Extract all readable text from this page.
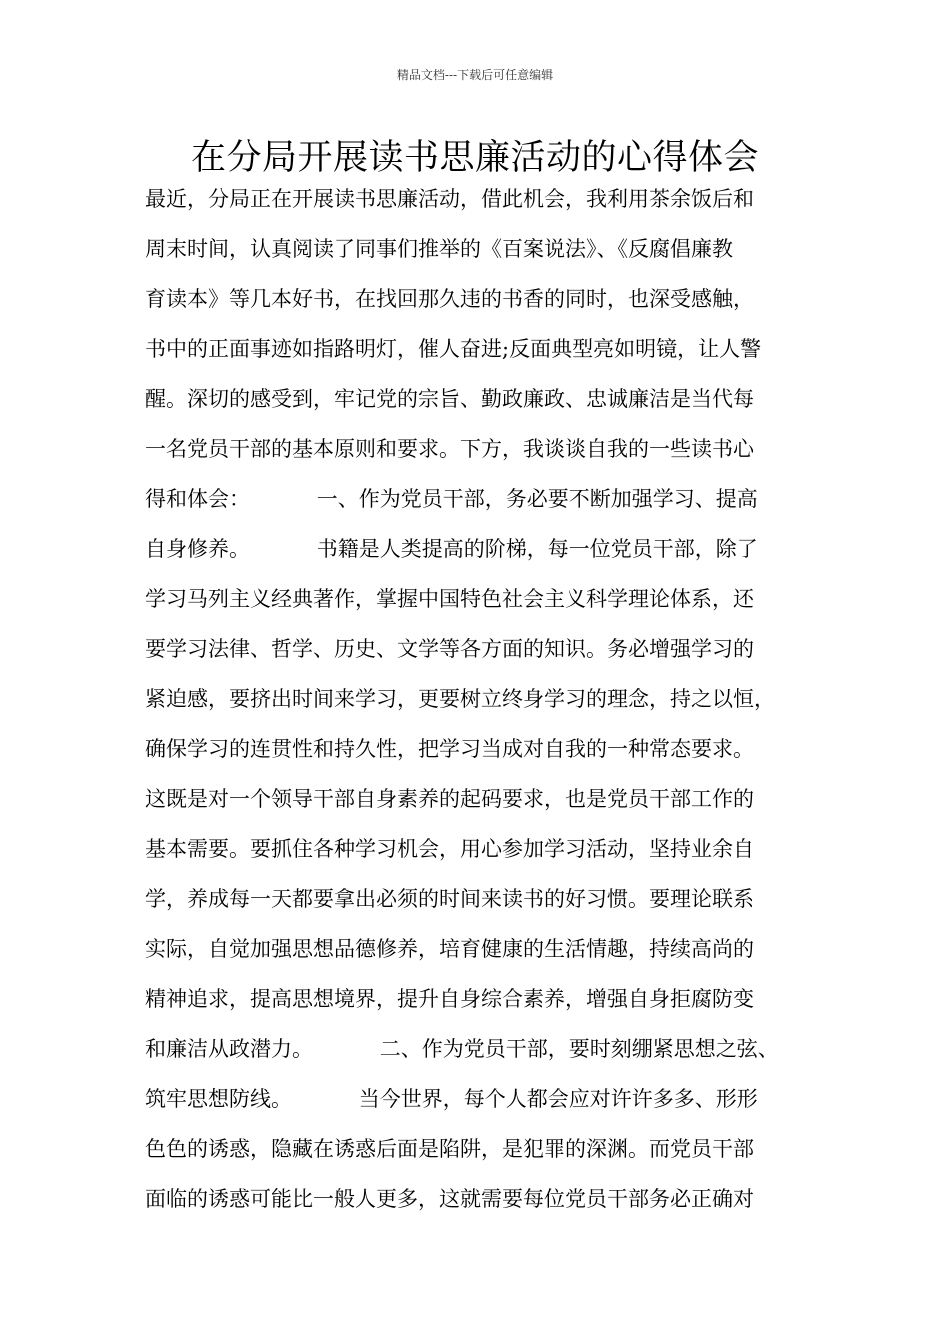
精品文档---下载后可任意编辑
在分局开展读书思廉活动的心得体会
最近，分局正在开展读书思廉活动，借此机会，我利用茶余饭后和
周末时间，认真阅读了同事们推举的《百案说法》、《反腐倡廉教
育读本》等几本好书，在找回那久违的书香的同时，也深受感触，
书中的正面事迹如指路明灯，催人奋进;反面典型亮如明镜，让人警
醒。深切的感受到，牢记党的宗旨、勤政廉政、忠诚廉洁是当代每
一名党员干部的基本原则和要求。下方，我谈谈自我的一些读书心
得和体会：          一、作为党员干部，务必要不断加强学习、提高
自身修养。          书籍是人类提高的阶梯，每一位党员干部，除了
学习马列主义经典著作，掌握中国特色社会主义科学理论体系，还
要学习法律、哲学、历史、文学等各方面的知识。务必增强学习的
紧迫感，要挤出时间来学习，更要树立终身学习的理念，持之以恒，
确保学习的连贯性和持久性，把学习当成对自我的一种常态要求。
这既是对一个领导干部自身素养的起码要求，也是党员干部工作的
基本需要。要抓住各种学习机会，用心参加学习活动，坚持业余自
学，养成每一天都要拿出必须的时间来读书的好习惯。要理论联系
实际，自觉加强思想品德修养，培育健康的生活情趣，持续高尚的
精神追求，提高思想境界，提升自身综合素养，增强自身拒腐防变
和廉洁从政潜力。          二、作为党员干部，要时刻绷紧思想之弦、
筑牢思想防线。          当今世界，每个人都会应对许许多多、形形
色色的诱惑，隐藏在诱惑后面是陷阱，是犯罪的深渊。而党员干部
面临的诱惑可能比一般人更多，这就需要每位党员干部务必正确对
